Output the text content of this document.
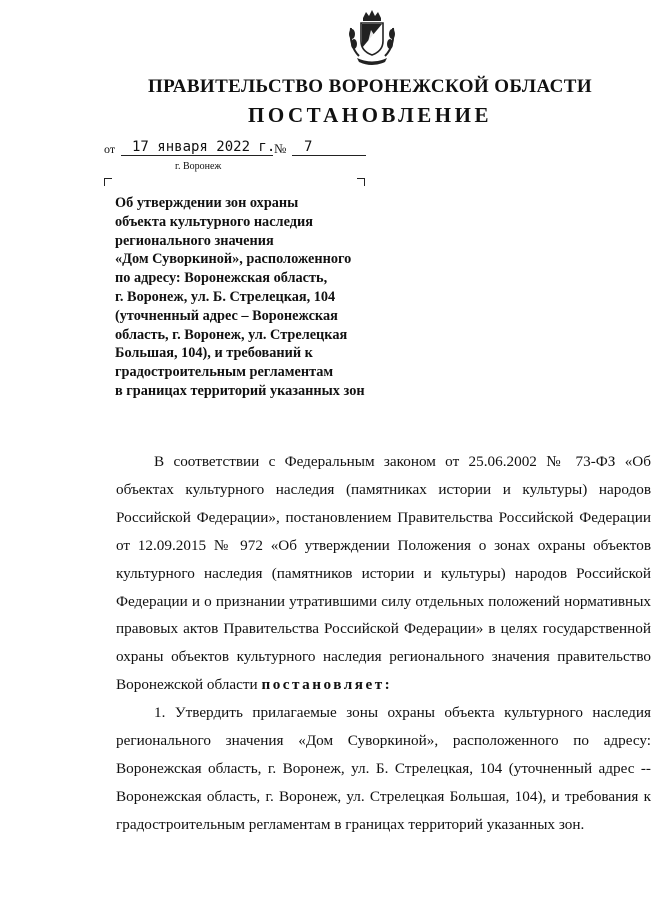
ПРАВИТЕЛЬСТВО ВОРОНЕЖСКОЙ ОБЛАСТИ
ПОСТАНОВЛЕНИЕ
от 17 января 2022 г.
№ 7
г. Воронеж
Об утверждении зон охраны
объекта культурного наследия
регионального значения
«Дом Суворкиной», расположенного
по адресу: Воронежская область,
г. Воронеж, ул. Б. Стрелецкая, 104
(уточненный адрес – Воронежская
область, г. Воронеж, ул. Стрелецкая
Большая, 104), и требований к
градостроительным регламентам
в границах территорий указанных зон

В соответствии с Федеральным законом от 25.06.2002 № 73-ФЗ «Об объектах культурного наследия (памятниках истории и культуры) народов Российской Федерации», постановлением Правительства Российской Федерации от 12.09.2015 № 972 «Об утверждении Положения о зонах охраны объектов культурного наследия (памятников истории и культуры) народов Российской Федерации и о признании утратившими силу отдельных положений нормативных правовых актов Правительства Российской Федерации» в целях государственной охраны объектов культурного наследия регионального значения правительство Воронежской области постановляет:

1. Утвердить прилагаемые зоны охраны объекта культурного наследия регионального значения «Дом Суворкиной», расположенного по адресу: Воронежская область, г. Воронеж, ул. Б. Стрелецкая, 104 (уточненный адрес -- Воронежская область, г. Воронеж, ул. Стрелецкая Большая, 104), и требования к градостроительным регламентам в границах территорий указанных зон.
